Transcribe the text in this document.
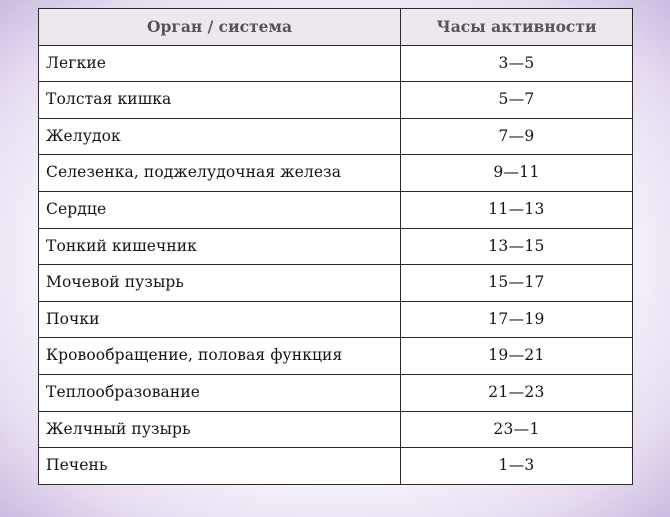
Орган / система	Часы активности
Легкие	3—5
Толстая кишка	5—7
Желудок	7—9
Селезенка, поджелудочная железа	9—11
Сердце	11—13
Тонкий кишечник	13—15
Мочевой пузырь	15—17
Почки	17—19
Кровообращение, половая функция	19—21
Теплообразование	21—23
Желчный пузырь	23—1
Печень	1—3
